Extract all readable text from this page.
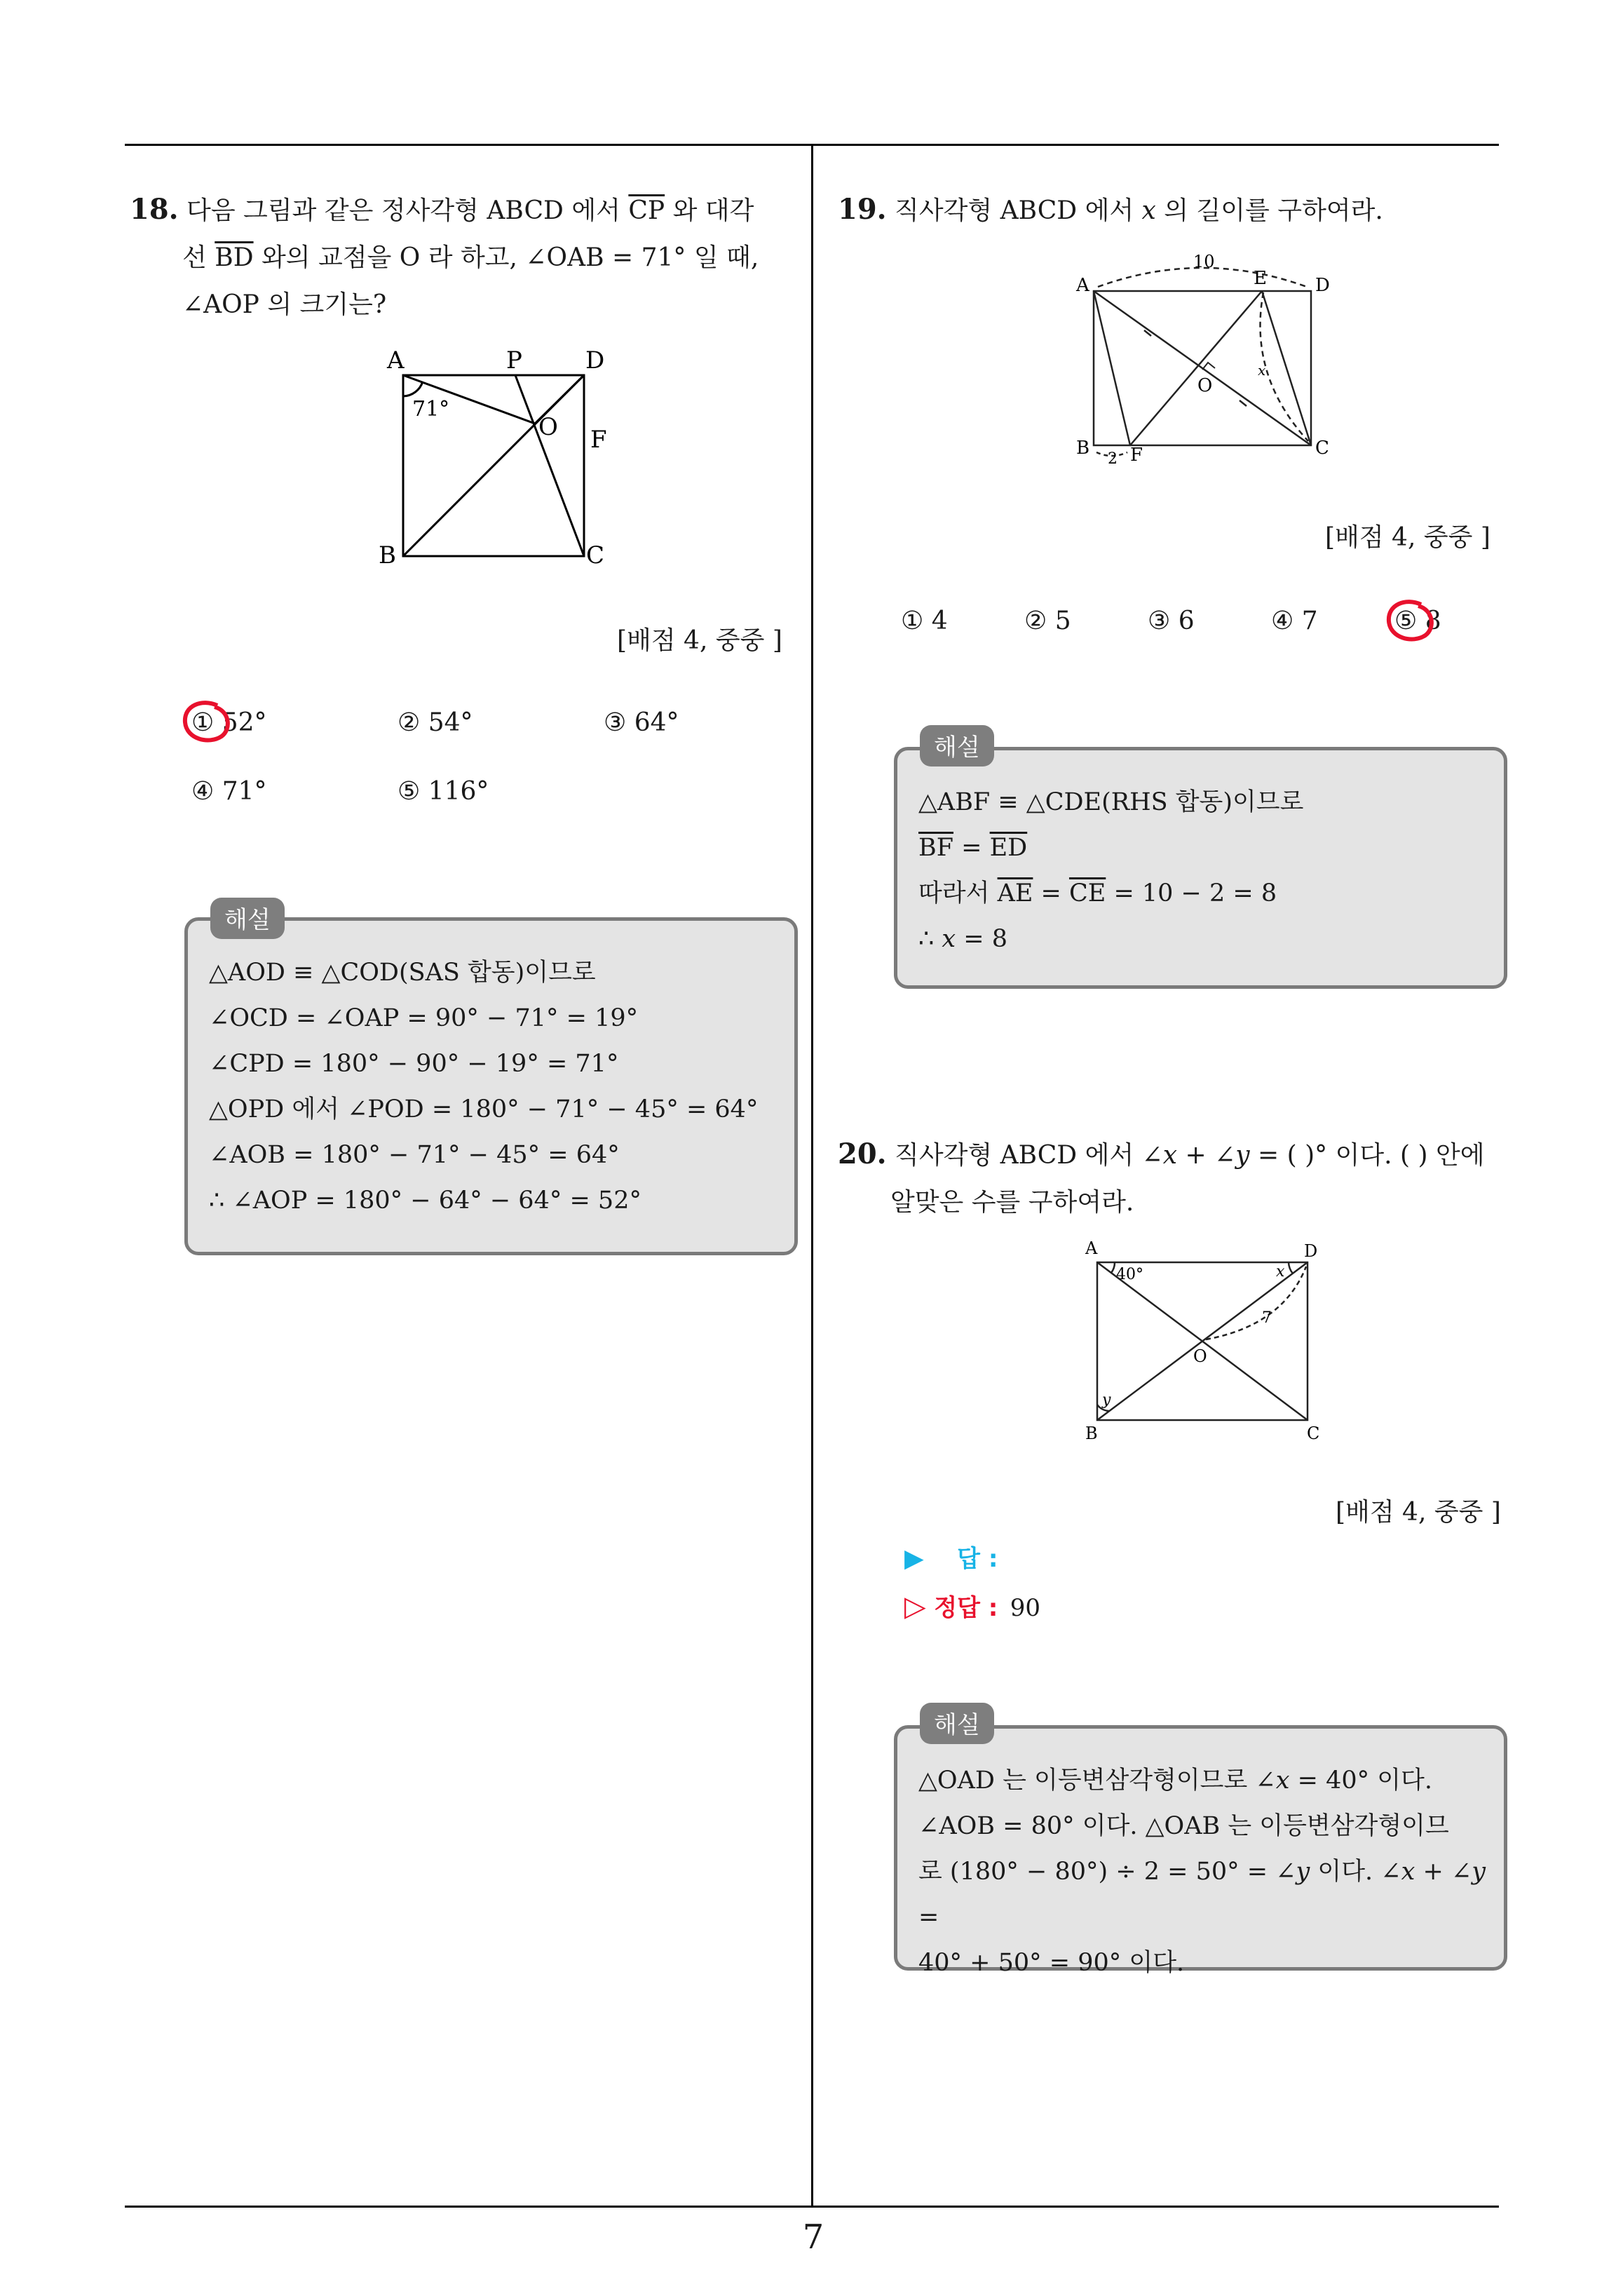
7
18. 다음 그림과 같은 정사각형 ABCD 에서 $\overline{CP}$ 와 대각
선 $\overline{BD}$ 와의 교점을 O 라 하고, ∠OAB = 71° 일 때,
∠AOP 의 크기는?
A	P	D
O F
B	C
71°
[배점 4, 중중 ]
① 52°	② 54°	③ 64°
④ 71°	⑤ 116°
△AOD ≡ △COD(SAS 합동)이므로
∠OCD = ∠OAP = 90° − 71° = 19°
∠CPD = 180° − 90° − 19° = 71°
△OPD 에서 ∠POD = 180° − 71° − 45° = 64°
∠AOB = 180° − 71° − 45° = 64°
∴ ∠AOP = 180° − 64° − 64° = 52°
해설
19. 직사각형 ABCD 에서 𝑥 의 길이를 구하여라.
A	E	D
O
B F	C
10
2
x
[배점 4, 중중 ]
① 4	② 5	③ 6	④ 7	⑤ 8
△ABF ≡ △CDE(RHS 합동)이므로
$\overline{BF} = \overline{ED}$
따라서 $\overline{AE} = \overline{CE} = 10 - 2 = 8$
∴ 𝑥 = 8
해설
20. 직사각형 ABCD 에서 ∠𝑥 + ∠𝑦 = ( )° 이다. ( ) 안에
알맞은 수를 구하여라.
A	D
O
B	C
40°	x
y
7
[배점 4, 중중 ]
▶ 답 :
▷ 정답 : 90
△OAD 는 이등변삼각형이므로 ∠𝑥 = 40° 이다.
∠AOB = 80° 이다. △OAB 는 이등변삼각형이므
로 (180° − 80°) ÷ 2 = 50° = ∠𝑦 이다. ∠𝑥 + ∠𝑦 =
40° + 50° = 90° 이다.
해설
